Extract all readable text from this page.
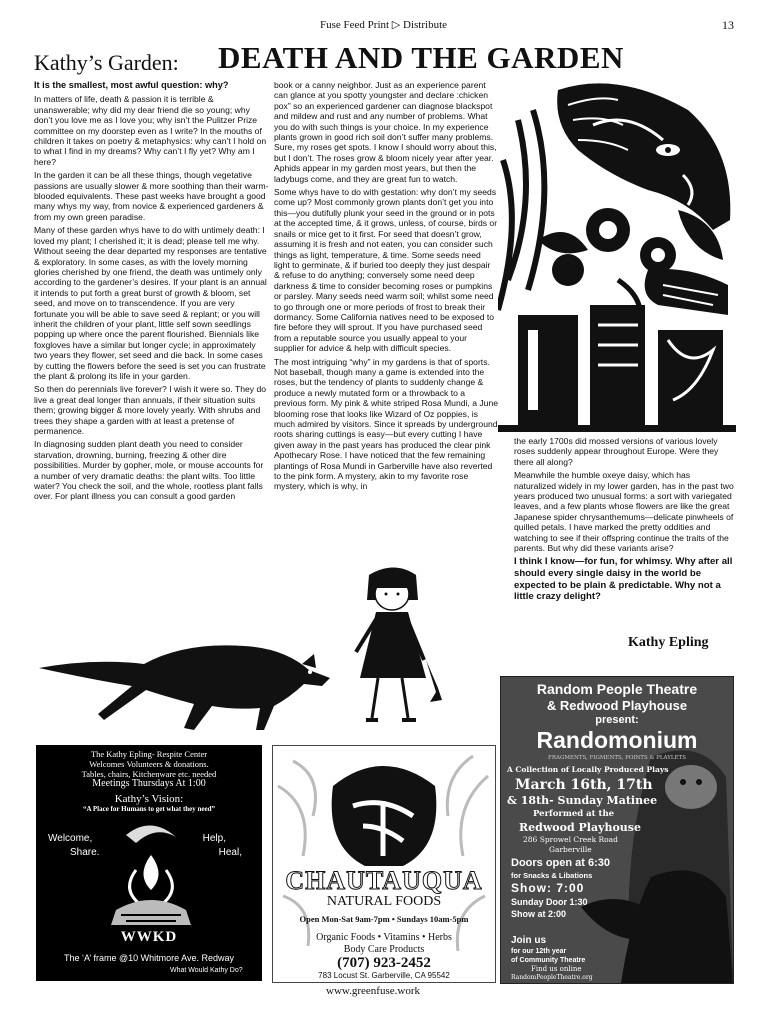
Fuse Feed Print ▷ Distribute	13
Kathy’s Garden: DEATH AND THE GARDEN

It is the smallest, most awful question: why?

In matters of life, death & passion it is terrible & unanswerable; why did my dear friend die so young; why don’t you love me as I love you; why isn’t the Pulitzer Prize committee on my doorstep even as I write? In the mouths of children it takes on poetry & metaphysics: why can’t I hold on to what I find in my dreams? Why can’t I fly yet? Why am I here?

In the garden it can be all these things, though vegetative passions are usually slower & more soothing than their warm-blooded equivalents. These past weeks have brought a good many whys my way, from novice & experienced gardeners & from my own green paradise.

Many of these garden whys have to do with untimely death: I loved my plant; I cherished it; it is dead; please tell me why. Without seeing the dear departed my responses are tentative & exploratory. In some cases, as with the lovely morning glories cherished by one friend, the death was untimely only according to the gardener’s desires. If your plant is an annual it intends to put forth a great burst of growth & bloom, set seed, and move on to transcendence. If you are very fortunate you will be able to save seed & replant; or you will inherit the children of your plant, little self sown seedlings popping up where once the parent flourished. Biennials like foxgloves have a similar but longer cycle; in approximately two years they flower, set seed and die back. In some cases by cutting the flowers before the seed is set you can frustrate the plant & prolong its life in your garden.

So then do perennials live forever? I wish it were so. They do live a great deal longer than annuals, if their situation suits them; growing bigger & more lovely yearly. With shrubs and trees they shape a garden with at least a pretense of permanence.

In diagnosing sudden plant death you need to consider starvation, drowning, burning, freezing & other dire possibilities. Murder by gopher, mole, or mouse accounts for a number of very dramatic deaths: the plant wilts. Too little water? You check the soil, and the whole, rootless plant falls over. For plant illness you can consult a good garden

book or a canny neighbor. Just as an experience parent can glance at you spotty youngster and declare :chicken pox” so an experienced gardener can diagnose blackspot and mildew and rust and any number of problems. What you do with such things is your choice. In my experience plants grown in good rich soil don’t suffer many problems. Sure, my roses get spots. I know I should worry about this, but I don’t. The roses grow & bloom nicely year after year. Aphids appear in my garden most years, but then the ladybugs come, and they are great fun to watch.

Some whys have to do with gestation: why don’t my seeds come up? Most commonly grown plants don’t get you into this—you dutifully plunk your seed in the ground or in pots at the accepted time, & it grows, unless, of course, birds or snails or mice get to it first. For seed that doesn’t grow, assuming it is fresh and not eaten, you can consider such things as light, temperature, & time. Some seeds need light to germinate, & if buried too deeply they just despair & refuse to do anything; conversely some need deep darkness & time to consider becoming roses or pumpkins or parsley. Many seeds need warm soil; whilst some need to go through one or more periods of frost to break their dormancy. Some California natives need to be exposed to fire before they will sprout. If you have purchased seed from a reputable source you usually appeal to your supplier for advice & help with difficult species.

The most intriguing “why” in my gardens is that of sports. Not baseball, though many a game is extended into the roses, but the tendency of plants to suddenly change & produce a newly mutated form or a throwback to a previous form. My pink & white striped Rosa Mundi, a June blooming rose that looks like Wizard of Oz poppies, is much admired by visitors. Since it spreads by underground roots sharing cuttings is easy—but every cutting I have given away in the past years has produced the clear pink Apothecary Rose. I have noticed that the few remaining plantings of Rosa Mundi in Garberville have also reverted to the pink form. A mystery, akin to my favorite rose mystery, which is why, in

the early 1700s did mossed versions of various lovely roses suddenly appear throughout Europe. Were they there all along?

Meanwhile the humble oxeye daisy, which has naturalized widely in my lower garden, has in the past two years produced two unusual forms: a sort with variegated leaves, and a few plants whose flowers are like the great Japanese spider chrysanthemums—delicate pinwheels of quilled petals. I have marked the pretty oddities and watching to see if their offspring continue the traits of the parents. But why did these variants arise?

I think I know—for fun, for whimsy. Why after all should every single daisy in the world be expected to be plain & predictable. Why not a little crazy delight?

Kathy Epling
The Kathy Epling- Respite Center
Welcomes Volunteers & donations.
Tables, chairs, Kitchenware etc. needed
Meetings Thursdays At 1:00
Kathy’s Vision:
“A Place for Humans to get what they need”
Welcome,
Share.
Help,
Heal,
WWKD
The ‘A’ frame @10 Whitmore Ave. Redway
What Would Kathy Do?
CHAUTAUQUA
NATURAL FOODS
Open Mon-Sat 9am-7pm • Sundays 10am-5pm
Organic Foods • Vitamins • Herbs
Body Care Products
(707) 923-2452
783 Locust St. Garberville, CA 95542
Random People Theatre
& Redwood Playhouse
present:
Randomonium
FRAGMENTS, FIGMENTS, POINTS & PLAYLETS
A Collection of Locally Produced Plays
March 16th, 17th
& 18th- Sunday Matinee
Performed at the
Redwood Playhouse
286 Sprowel Creek Road
Garberville
Doors open at 6:30
for Snacks & Libations
Show: 7:00
Sunday Door 1:30
Show at 2:00
Join us
for our 12th year
of Community Theatre
Find us online
RandomPeopleTheatre.org
www.greenfuse.work
